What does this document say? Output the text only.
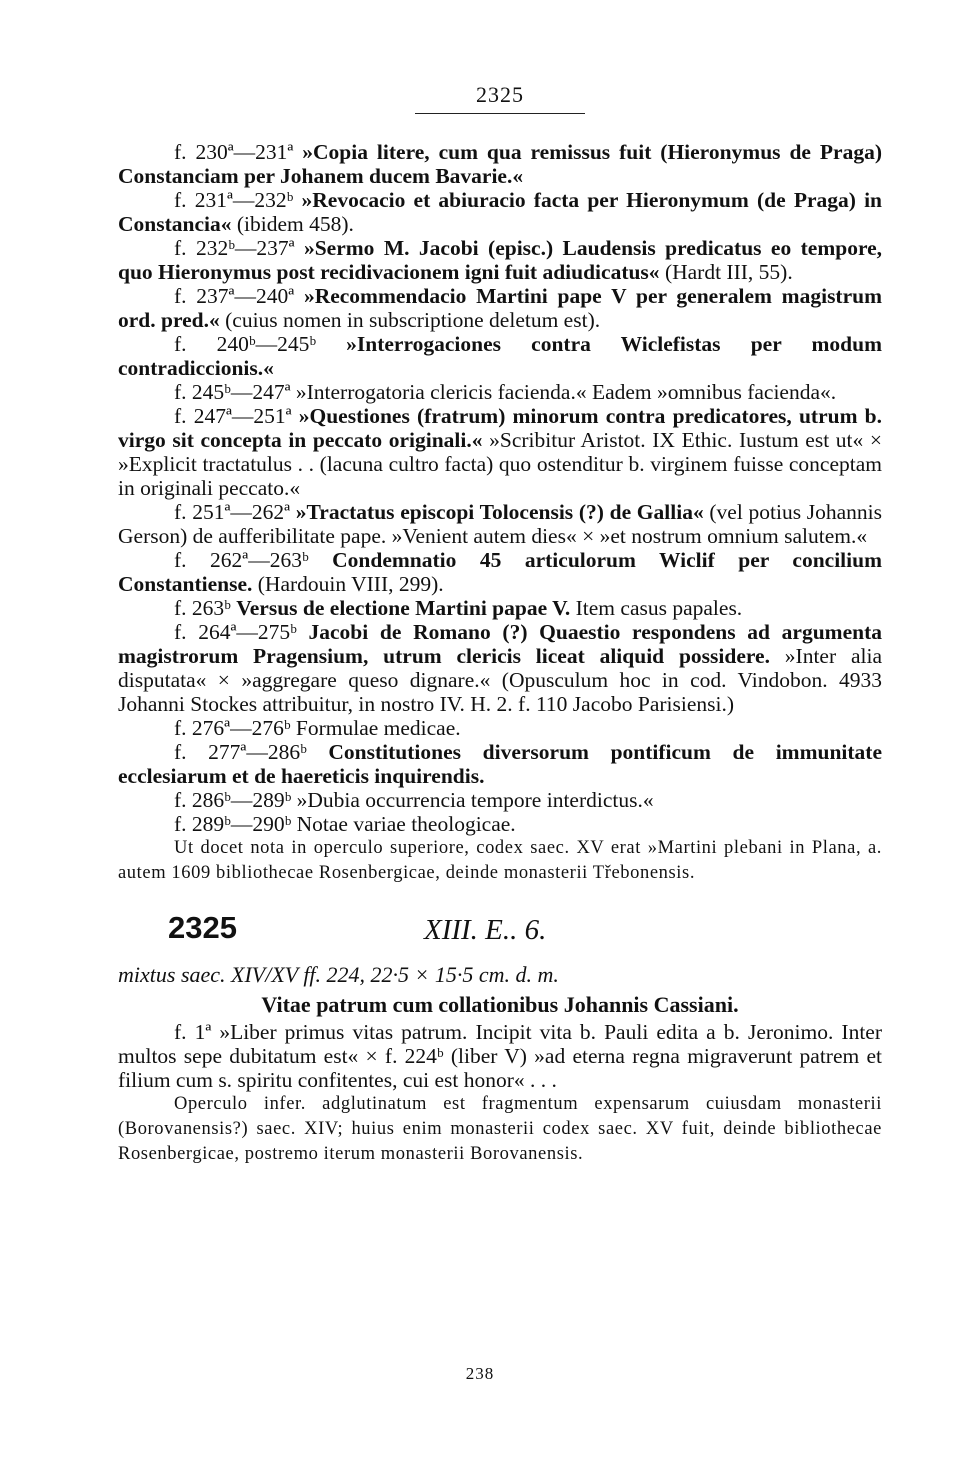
2325

f. 230ª—231ª »Copia litere, cum qua remissus fuit (Hieronymus de Praga) Constanciam per Johanem ducem Bavarie.«

f. 231ª—232ᵇ »Revocacio et abiuracio facta per Hieronymum (de Praga) in Constancia« (ibidem 458).

f. 232ᵇ—237ª »Sermo M. Jacobi (episc.) Laudensis predicatus eo tempore, quo Hieronymus post recidivacionem igni fuit adiudicatus« (Hardt III, 55).

f. 237ª—240ª »Recommendacio Martini pape V per generalem magistrum ord. pred.« (cuius nomen in subscriptione deletum est).

f. 240ᵇ—245ᵇ »Interrogaciones contra Wiclefistas per modum contradiccionis.«

f. 245ᵇ—247ª »Interrogatoria clericis facienda.« Eadem »omnibus facienda«.

f. 247ª—251ª »Questiones (fratrum) minorum contra predicatores, utrum b. virgo sit concepta in peccato originali.« »Scribitur Aristot. IX Ethic. Iustum est ut« × »Explicit tractatulus . . (lacuna cultro facta) quo ostenditur b. virginem fuisse conceptam in originali peccato.«

f. 251ª—262ª »Tractatus episcopi Tolocensis (?) de Gallia« (vel potius Johannis Gerson) de aufferibilitate pape. »Venient autem dies« × »et nostrum omnium salutem.«

f. 262ª—263ᵇ Condemnatio 45 articulorum Wiclif per concilium Constantiense. (Hardouin VIII, 299).

f. 263ᵇ Versus de electione Martini papae V. Item casus papales.

f. 264ª—275ᵇ Jacobi de Romano (?) Quaestio respondens ad argumenta magistrorum Pragensium, utrum clericis liceat aliquid possidere. »Inter alia disputata« × »aggregare queso dignare.« (Opusculum hoc in cod. Vindobon. 4933 Johanni Stockes attribuitur, in nostro IV. H. 2. f. 110 Jacobo Parisiensi.)

f. 276ª—276ᵇ Formulae medicae.

f. 277ª—286ᵇ Constitutiones diversorum pontificum de immunitate ecclesiarum et de haereticis inquirendis.

f. 286ᵇ—289ᵇ »Dubia occurrencia tempore interdictus.«

f. 289ᵇ—290ᵇ Notae variae theologicae.

Ut docet nota in operculo superiore, codex saec. XV erat »Martini plebani in Plana, a. autem 1609 bibliothecae Rosenbergicae, deinde monasterii Třebonensis.

2325	XIII. E.. 6.
mixtus saec. XIV/XV ff. 224, 22·5 × 15·5 cm. d. m.
Vitae patrum cum collationibus Johannis Cassiani.

f. 1ª »Liber primus vitas patrum. Incipit vita b. Pauli edita a b. Jeronimo. Inter multos sepe dubitatum est« × f. 224ᵇ (liber V) »ad eterna regna migraverunt patrem et filium cum s. spiritu confitentes, cui est honor« . . .

Operculo infer. adglutinatum est fragmentum expensarum cuiusdam monasterii (Borovanensis?) saec. XIV; huius enim monasterii codex saec. XV fuit, deinde bibliothecae Rosenbergicae, postremo iterum monasterii Borovanensis.

238
